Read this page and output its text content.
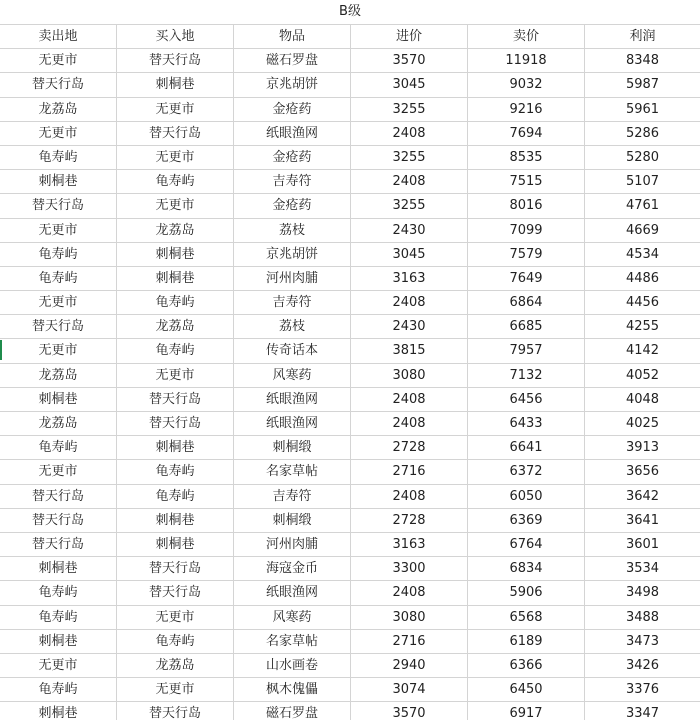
B级
卖出地	买入地	物品	进价	卖价	利润
无更市	替天行岛	磁石罗盘	3570	11918	8348
替天行岛	刺桐巷	京兆胡饼	3045	9032	5987
龙荔岛	无更市	金疮药	3255	9216	5961
无更市	替天行岛	纸眼渔网	2408	7694	5286
龟寿屿	无更市	金疮药	3255	8535	5280
刺桐巷	龟寿屿	吉寿符	2408	7515	5107
替天行岛	无更市	金疮药	3255	8016	4761
无更市	龙荔岛	荔枝	2430	7099	4669
龟寿屿	刺桐巷	京兆胡饼	3045	7579	4534
龟寿屿	刺桐巷	河州肉脯	3163	7649	4486
无更市	龟寿屿	吉寿符	2408	6864	4456
替天行岛	龙荔岛	荔枝	2430	6685	4255
无更市	龟寿屿	传奇话本	3815	7957	4142
龙荔岛	无更市	风寒药	3080	7132	4052
刺桐巷	替天行岛	纸眼渔网	2408	6456	4048
龙荔岛	替天行岛	纸眼渔网	2408	6433	4025
龟寿屿	刺桐巷	刺桐缎	2728	6641	3913
无更市	龟寿屿	名家草帖	2716	6372	3656
替天行岛	龟寿屿	吉寿符	2408	6050	3642
替天行岛	刺桐巷	刺桐缎	2728	6369	3641
替天行岛	刺桐巷	河州肉脯	3163	6764	3601
刺桐巷	替天行岛	海寇金币	3300	6834	3534
龟寿屿	替天行岛	纸眼渔网	2408	5906	3498
龟寿屿	无更市	风寒药	3080	6568	3488
刺桐巷	龟寿屿	名家草帖	2716	6189	3473
无更市	龙荔岛	山水画卷	2940	6366	3426
龟寿屿	无更市	枫木傀儡	3074	6450	3376
刺桐巷	替天行岛	磁石罗盘	3570	6917	3347
